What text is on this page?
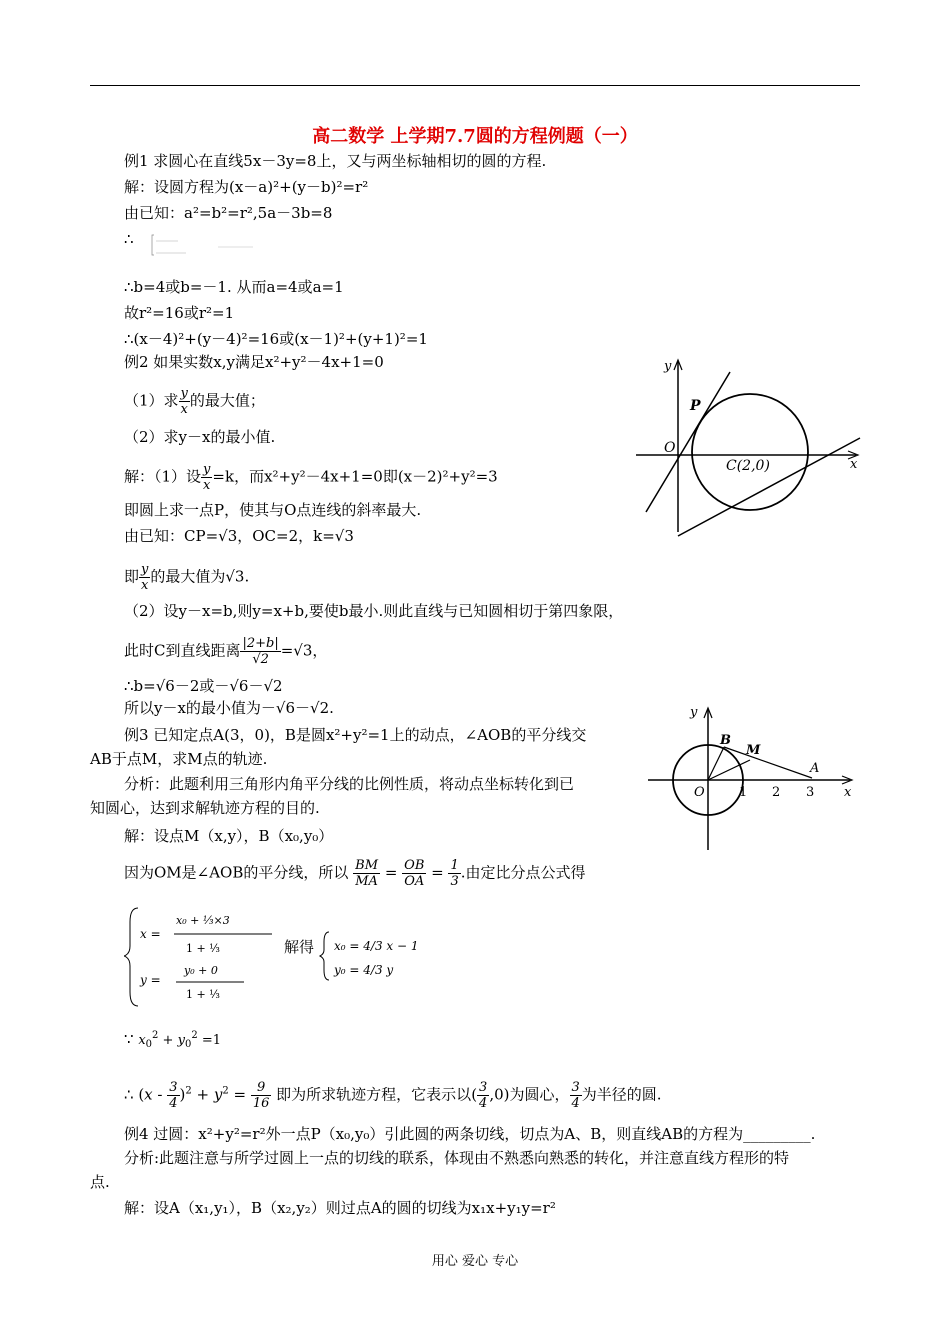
高二数学 上学期7.7圆的方程例题（一）
例1 求圆心在直线5x－3y=8上，又与两坐标轴相切的圆的方程.
解：设圆方程为(x－a)²+(y－b)²=r²
由已知：a²=b²=r²,5a－3b=8
∴
∴b=4或b=－1. 从而a=4或a=1
故r²=16或r²=1
∴(x－4)²+(y－4)²=16或(x－1)²+(y+1)²=1
例2 如果实数x,y满足x²+y²－4x+1=0
（1）求 $\frac{y}{x}$ 的最大值；
（2）求y－x的最小值.
解：（1）设 $\frac{y}{x} =k$，而x²+y²－4x+1=0即(x－2)²+y²=3
即圆上求一点P，使其与O点连线的斜率最大.
由已知：CP=√3，OC=2，k=√3
即 $\frac{y}{x}$ 的最大值为√3.
（2）设y－x=b,则y=x+b,要使b最小.则此直线与已知圆相切于第四象限，
此时C到直线距离 $\frac{|2+b|}{√2} =√3$，
∴b=√6－2或－√6－√2
所以y－x的最小值为－√6－√2.
y
x
O
P
C(2,0)
例3 已知定点A(3，0)，B是圆x²+y²=1上的动点，∠AOB的平分线交
AB于点M，求M点的轨迹.
分析：此题利用三角形内角平分线的比例性质，将动点坐标转化到已
知圆心，达到求解轨迹方程的目的.
解：设点M（x,y），B（x₀,y₀）
因为OM是∠AOB的平分线，所以 $\frac{BM}{MA} = \frac{OB}{OA} = \frac{1}{3}$ .由定比分点公式得
x =
x₀ + ⅓×3
1 + ⅓
y =
y₀ + 0
1 + ⅓
解得 x₀ = 4/3 x − 1
y₀ = 4/3 y
∵ $x_0^2 + y_0^2 =1$
∴ $(x - \frac{3}{4} )^2 + y^2 = \frac{9}{16}$ 即为所求轨迹方程，它表示以( $\frac{3}{4} ,0$)为圆心， $\frac{3}{4}$ 为半径的圆.
y
x
O
B
M
A
1 2 3
例4 过圆：x²+y²=r²外一点P（x₀,y₀）引此圆的两条切线，切点为A、B，则直线AB的方程为_________.
分析:此题注意与所学过圆上一点的切线的联系，体现由不熟悉向熟悉的转化，并注意直线方程形的特
点.
解：设A（x₁,y₁），B（x₂,y₂）则过点A的圆的切线为x₁x+y₁y=r²
用心 爱心 专心
